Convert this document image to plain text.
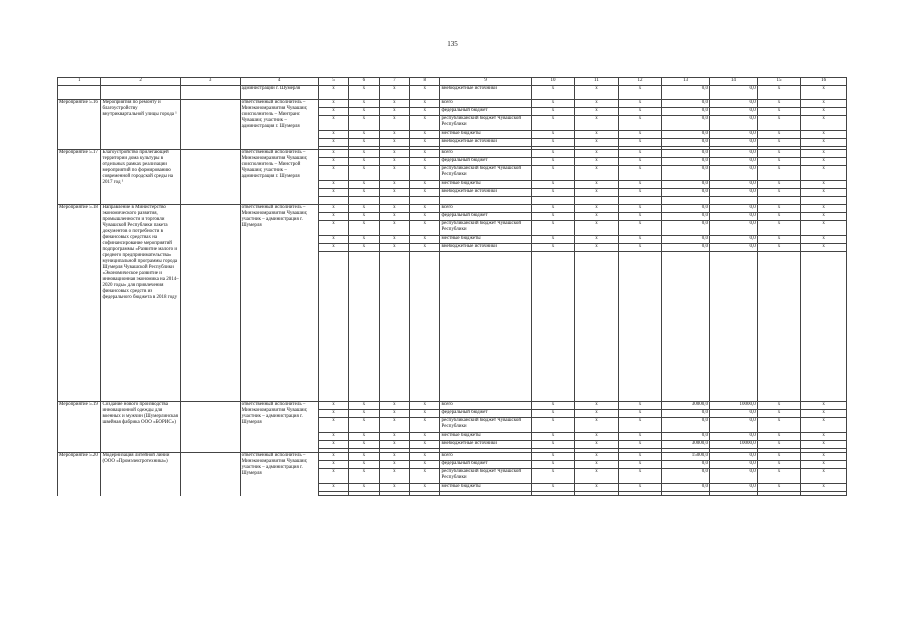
135
1	2	3	4	5	6	7	8	9	10	11	12	13	14	15	16
			администрации г. Шумерля	x	x	x	x	внебюджетные источники	x	x	x	0,0	0,0	x	x
Мероприятие 5.16	Мероприятия по ремонту и благоустройству внутриквартальной улицы города ¹		ответственный исполнитель – Минэкономразвития Чувашии; соисполнитель – Минтранс Чувашии; участник – администрация г. Шумерля	x	x	x	x	всего	x	x	x	0,0	0,0	x	x
				x	x	x	x	федеральный бюджет	x	x	x	0,0	0,0	x	x
				x	x	x	x	республиканский бюджет Чувашской Республики	x	x	x	0,0	0,0	x	x
				x	x	x	x	местные бюджеты	x	x	x	0,0	0,0	x	x
				x	x	x	x	внебюджетные источники	x	x	x	0,0	0,0	x	x

Мероприятие 5.17	Благоустройство прилегающей территории дома культуры в отдельных рамках реализации мероприятий по формированию современной городской среды на 2017 год ¹		ответственный исполнитель – Минэкономразвития Чувашии; соисполнитель – Минстрой Чувашии; участник – администрация г. Шумерля	x	x	x	x	всего	x	x	x	0,0	0,0	x	x
				x	x	x	x	федеральный бюджет	x	x	x	0,0	0,0	x	x
				x	x	x	x	республиканский бюджет Чувашской Республики	x	x	x	0,0	0,0	x	x
				x	x	x	x	местные бюджеты	x	x	x	0,0	0,0	x	x
				x	x	x	x	внебюджетные источники	x	x	x	0,0	0,0	x	x

Мероприятие 5.18	Направление в Министерство экономического развития, промышленности и торговли Чувашской Республики пакета документов о потребности в финансовых средствах на софинансирование мероприятий подпрограммы «Развитие малого и среднего предпринимательства» муниципальной программы города Шумерля Чувашской Республики «Экономическое развитие и инновационная экономика на 2014–2020 годы» для привлечения финансовых средств из федерального бюджета в 2018 году		ответственный исполнитель – Минэкономразвития Чувашии; участник – администрация г. Шумерля	x	x	x	x	всего	x	x	x	0,0	0,0	x	x
				x	x	x	x	федеральный бюджет	x	x	x	0,0	0,0	x	x
				x	x	x	x	республиканский бюджет Чувашской Республики	x	x	x	0,0	0,0	x	x
				x	x	x	x	местные бюджеты	x	x	x	0,0	0,0	x	x
				x	x	x	x	внебюджетные источники	x	x	x	0,0	0,0	x	x

Мероприятие 5.19	Создание нового производства инновационной одежды для военных и мужчин (Шумерлинская швейная фабрика ООО «БОРИС»)		ответственный исполнитель – Минэкономразвития Чувашии; участник – администрация г. Шумерля	x	x	x	x	всего	x	x	x	30000,0	10000,0	x	x
				x	x	x	x	федеральный бюджет	x	x	x	0,0	0,0	x	x
				x	x	x	x	республиканский бюджет Чувашской Республики	x	x	x	0,0	0,0	x	x
				x	x	x	x	местные бюджеты	x	x	x	0,0	0,0	x	x
				x	x	x	x	внебюджетные источники	x	x	x	30000,0	10000,0	x	x

Мероприятие 5.20	Модернизация литейной линии (ООО «Промэлектротехника»)		ответственный исполнитель – Минэкономразвития Чувашии; участник – администрация г. Шумерля	x	x	x	x	всего	x	x	x	15000,0	0,0	x	x
				x	x	x	x	федеральный бюджет	x	x	x	0,0	0,0	x	x
				x	x	x	x	республиканский бюджет Чувашской Республики	x	x	x	0,0	0,0	x	x
				x	x	x	x	местные бюджеты	x	x	x	0,0	0,0	x	x
